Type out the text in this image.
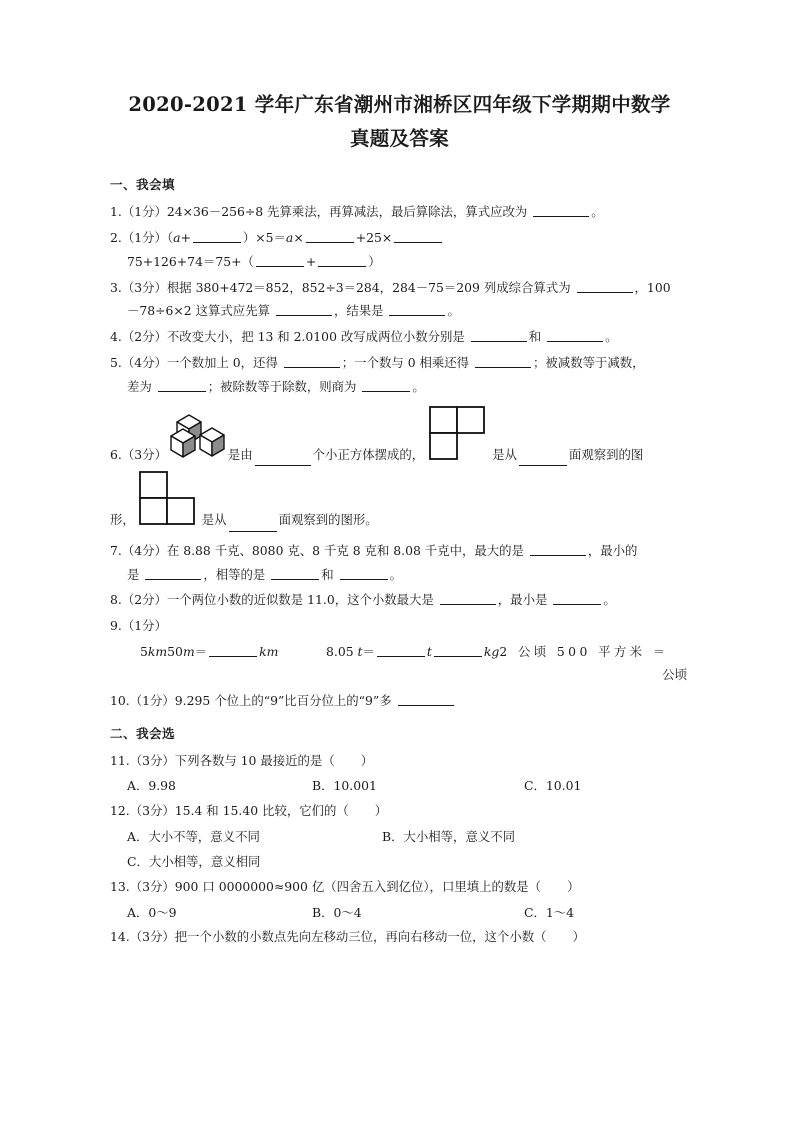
2020-2021 学年广东省潮州市湘桥区四年级下学期期中数学
真题及答案
一、我会填
1.（1分）24×36－256÷8 先算乘法，再算减法，最后算除法，算式应改为	。
2.（1分）（a+	）×5＝a×	+25×
75+126+74＝75+（	+	）
3.（3分）根据 380+472＝852，852÷3＝284，284－75＝209 列成综合算式为	，100
－78÷6×2 这算式应先算	，结果是	。
4.（2分）不改变大小，把 13 和 2.0100 改写成两位小数分别是	和	。
5.（4分）一个数加上 0，还得	；一个数与 0 相乘还得	；被减数等于减数，
差为	；被除数等于除数，则商为	。
6.（3分）	是由	个小正方体摆成的，	是从	面观察到的图
形，	是从	面观察到的图形。
7.（4分）在 8.88 千克、8080 克、8 千克 8 克和 8.08 千克中，最大的是	，最小的
是	，相等的是	和	。
8.（2分）一个两位小数的近似数是 11.0，这个小数最大是	，最小是	。
9.（1分）
5km50m＝	km	8.05 t＝	t	kg2 公顷 500 平方米 ＝
公顷
10.（1分）9.295 个位上的“9”比百分位上的“9”多
二、我会选
11.（3分）下列各数与 10 最接近的是（ ）
A．9.98	B．10.001	C．10.01
12.（3分）15.4 和 15.40 比较，它们的（ ）
A．大小不等，意义不同	B．大小相等，意义不同
C．大小相等，意义相同
13.（3分）900 口 0000000≈900 亿（四舍五入到亿位），口里填上的数是（ ）
A．0～9	B．0～4	C．1～4
14.（3分）把一个小数的小数点先向左移动三位，再向右移动一位，这个小数（ ）
